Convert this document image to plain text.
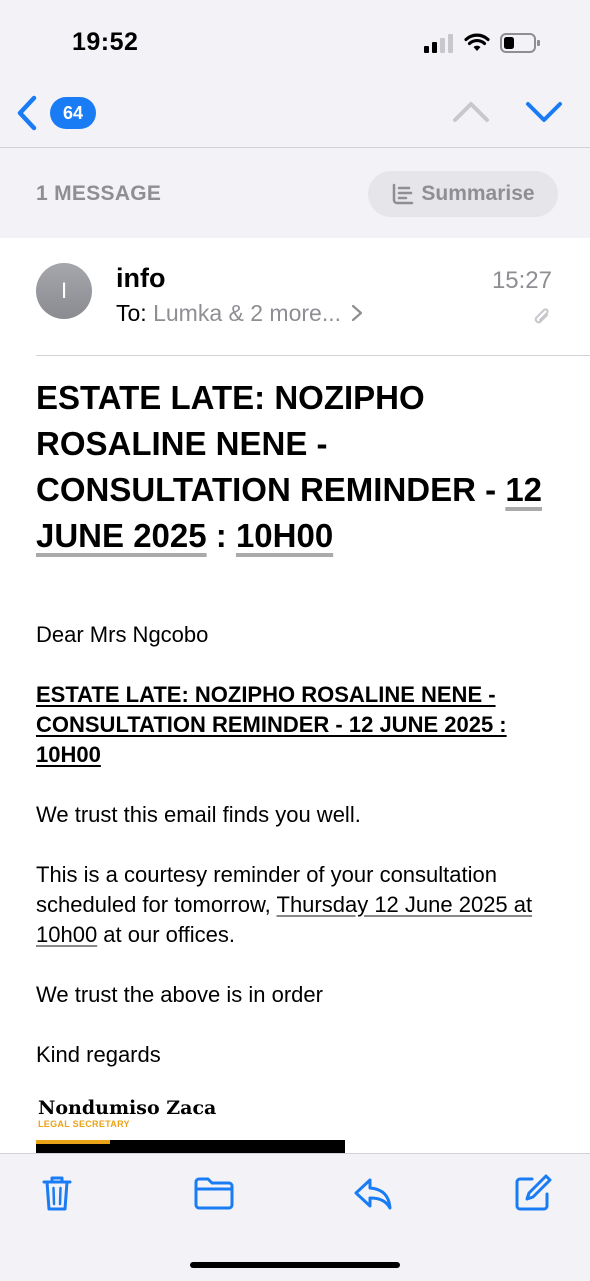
19:52
64
1 MESSAGE	Summarise
I	info
To: Lumka & 2 more...
15:27
ESTATE LATE: NOZIPHO ROSALINE NENE - CONSULTATION REMINDER - 12 JUNE 2025 : 10H00
Dear Mrs Ngcobo
ESTATE LATE: NOZIPHO ROSALINE NENE - CONSULTATION REMINDER - 12 JUNE 2025 : 10H00
We trust this email finds you well.
This is a courtesy reminder of your consultation scheduled for tomorrow, Thursday 12 June 2025 at 10h00 at our offices.
We trust the above is in order
Kind regards
Nondumiso Zaca
LEGAL SECRETARY
